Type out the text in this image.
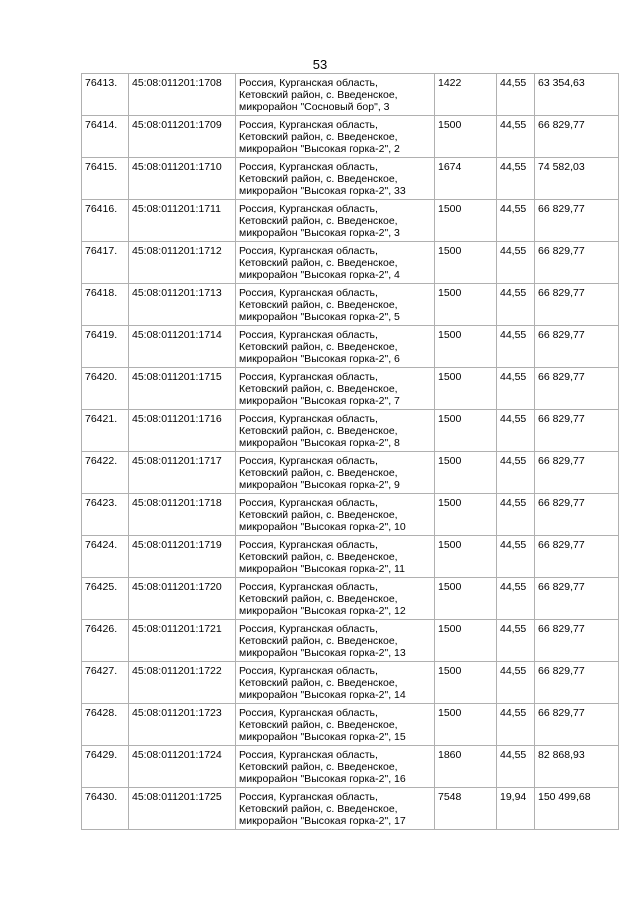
53
76413.	45:08:011201:1708	Россия, Курганская область,
Кетовский район, с. Введенское,
микрорайон "Сосновый бор", 3	1422	44,55	63 354,63
76414.	45:08:011201:1709	Россия, Курганская область,
Кетовский район, с. Введенское,
микрорайон "Высокая горка-2", 2	1500	44,55	66 829,77
76415.	45:08:011201:1710	Россия, Курганская область,
Кетовский район, с. Введенское,
микрорайон "Высокая горка-2", 33	1674	44,55	74 582,03
76416.	45:08:011201:1711	Россия, Курганская область,
Кетовский район, с. Введенское,
микрорайон "Высокая горка-2", 3	1500	44,55	66 829,77
76417.	45:08:011201:1712	Россия, Курганская область,
Кетовский район, с. Введенское,
микрорайон "Высокая горка-2", 4	1500	44,55	66 829,77
76418.	45:08:011201:1713	Россия, Курганская область,
Кетовский район, с. Введенское,
микрорайон "Высокая горка-2", 5	1500	44,55	66 829,77
76419.	45:08:011201:1714	Россия, Курганская область,
Кетовский район, с. Введенское,
микрорайон "Высокая горка-2", 6	1500	44,55	66 829,77
76420.	45:08:011201:1715	Россия, Курганская область,
Кетовский район, с. Введенское,
микрорайон "Высокая горка-2", 7	1500	44,55	66 829,77
76421.	45:08:011201:1716	Россия, Курганская область,
Кетовский район, с. Введенское,
микрорайон "Высокая горка-2", 8	1500	44,55	66 829,77
76422.	45:08:011201:1717	Россия, Курганская область,
Кетовский район, с. Введенское,
микрорайон "Высокая горка-2", 9	1500	44,55	66 829,77
76423.	45:08:011201:1718	Россия, Курганская область,
Кетовский район, с. Введенское,
микрорайон "Высокая горка-2", 10	1500	44,55	66 829,77
76424.	45:08:011201:1719	Россия, Курганская область,
Кетовский район, с. Введенское,
микрорайон "Высокая горка-2", 11	1500	44,55	66 829,77
76425.	45:08:011201:1720	Россия, Курганская область,
Кетовский район, с. Введенское,
микрорайон "Высокая горка-2", 12	1500	44,55	66 829,77
76426.	45:08:011201:1721	Россия, Курганская область,
Кетовский район, с. Введенское,
микрорайон "Высокая горка-2", 13	1500	44,55	66 829,77
76427.	45:08:011201:1722	Россия, Курганская область,
Кетовский район, с. Введенское,
микрорайон "Высокая горка-2", 14	1500	44,55	66 829,77
76428.	45:08:011201:1723	Россия, Курганская область,
Кетовский район, с. Введенское,
микрорайон "Высокая горка-2", 15	1500	44,55	66 829,77
76429.	45:08:011201:1724	Россия, Курганская область,
Кетовский район, с. Введенское,
микрорайон "Высокая горка-2", 16	1860	44,55	82 868,93
76430.	45:08:011201:1725	Россия, Курганская область,
Кетовский район, с. Введенское,
микрорайон "Высокая горка-2", 17	7548	19,94	150 499,68
